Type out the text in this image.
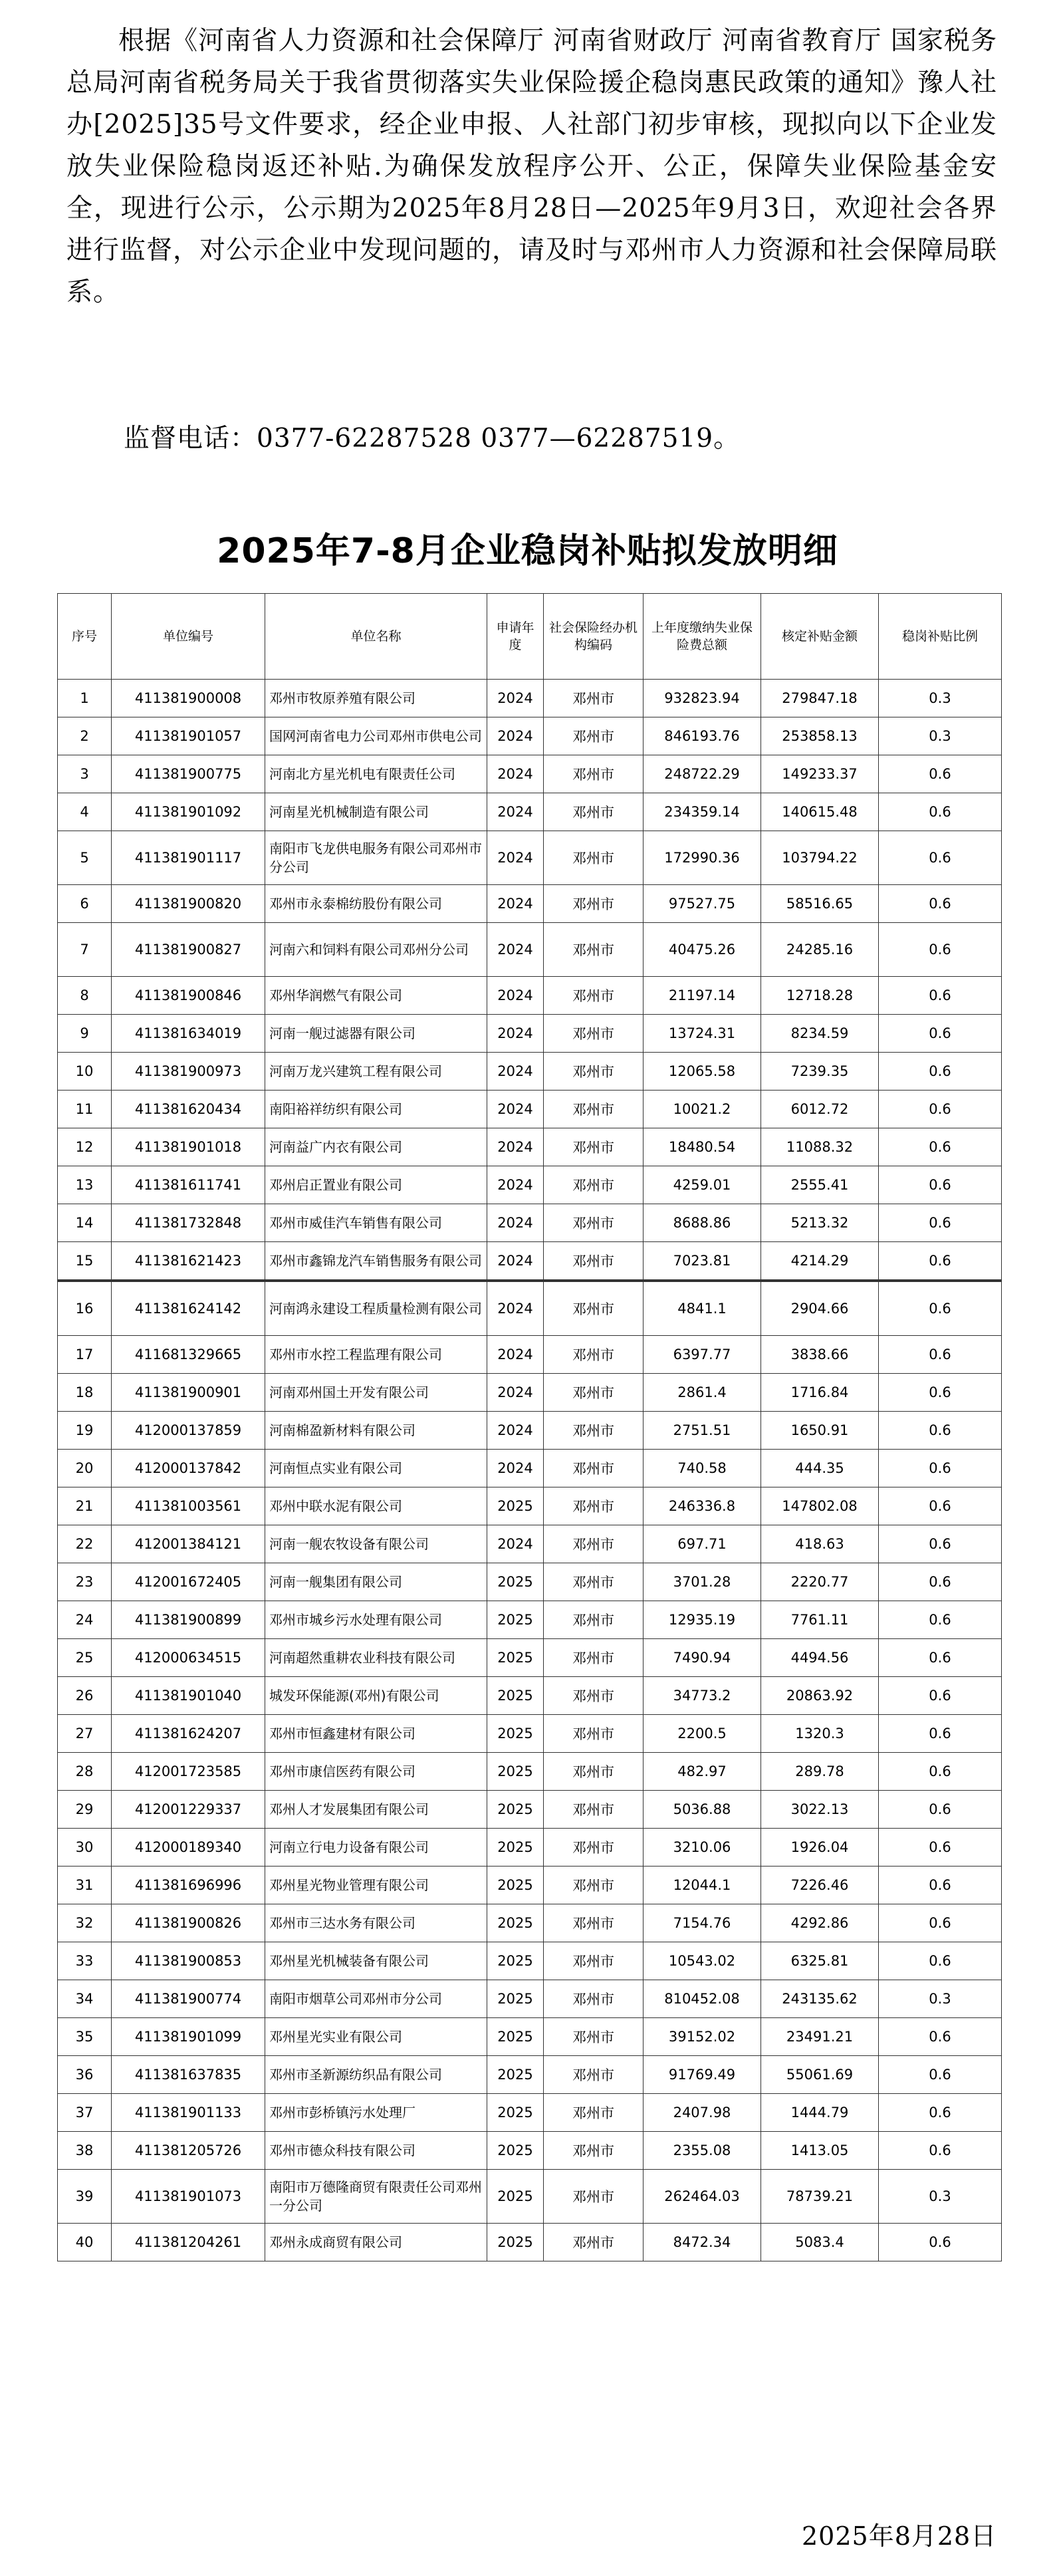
根据《河南省人力资源和社会保障厅 河南省财政厅 河南省教育厅 国家税务总局河南省税务局关于我省贯彻落实失业保险援企稳岗惠民政策的通知》豫人社办[2025]35号文件要求，经企业申报、人社部门初步审核，现拟向以下企业发放失业保险稳岗返还补贴.为确保发放程序公开、公正，保障失业保险基金安全，现进行公示，公示期为2025年8月28日—2025年9月3日，欢迎社会各界进行监督，对公示企业中发现问题的，请及时与邓州市人力资源和社会保障局联系。

监督电话：0377-62287528 0377—62287519。
2025年7-8月企业稳岗补贴拟发放明细
序号	单位编号	单位名称	申请年度	社会保险经办机构编码	上年度缴纳失业保险费总额	核定补贴金额	稳岗补贴比例
1	411381900008	邓州市牧原养殖有限公司	2024	邓州市	932823.94	279847.18	0.3
2	411381901057	国网河南省电力公司邓州市供电公司	2024	邓州市	846193.76	253858.13	0.3
3	411381900775	河南北方星光机电有限责任公司	2024	邓州市	248722.29	149233.37	0.6
4	411381901092	河南星光机械制造有限公司	2024	邓州市	234359.14	140615.48	0.6
5	411381901117	南阳市飞龙供电服务有限公司邓州市分公司	2024	邓州市	172990.36	103794.22	0.6
6	411381900820	邓州市永泰棉纺股份有限公司	2024	邓州市	97527.75	58516.65	0.6
7	411381900827	河南六和饲料有限公司邓州分公司	2024	邓州市	40475.26	24285.16	0.6
8	411381900846	邓州华润燃气有限公司	2024	邓州市	21197.14	12718.28	0.6
9	411381634019	河南一舰过滤器有限公司	2024	邓州市	13724.31	8234.59	0.6
10	411381900973	河南万龙兴建筑工程有限公司	2024	邓州市	12065.58	7239.35	0.6
11	411381620434	南阳裕祥纺织有限公司	2024	邓州市	10021.2	6012.72	0.6
12	411381901018	河南益广内衣有限公司	2024	邓州市	18480.54	11088.32	0.6
13	411381611741	邓州启正置业有限公司	2024	邓州市	4259.01	2555.41	0.6
14	411381732848	邓州市威佳汽车销售有限公司	2024	邓州市	8688.86	5213.32	0.6
15	411381621423	邓州市鑫锦龙汽车销售服务有限公司	2024	邓州市	7023.81	4214.29	0.6
16	411381624142	河南鸿永建设工程质量检测有限公司	2024	邓州市	4841.1	2904.66	0.6
17	411681329665	邓州市水控工程监理有限公司	2024	邓州市	6397.77	3838.66	0.6
18	411381900901	河南邓州国土开发有限公司	2024	邓州市	2861.4	1716.84	0.6
19	412000137859	河南棉盈新材料有限公司	2024	邓州市	2751.51	1650.91	0.6
20	412000137842	河南恒点实业有限公司	2024	邓州市	740.58	444.35	0.6
21	411381003561	邓州中联水泥有限公司	2025	邓州市	246336.8	147802.08	0.6
22	412001384121	河南一舰农牧设备有限公司	2024	邓州市	697.71	418.63	0.6
23	412001672405	河南一舰集团有限公司	2025	邓州市	3701.28	2220.77	0.6
24	411381900899	邓州市城乡污水处理有限公司	2025	邓州市	12935.19	7761.11	0.6
25	412000634515	河南超然重耕农业科技有限公司	2025	邓州市	7490.94	4494.56	0.6
26	411381901040	城发环保能源(邓州)有限公司	2025	邓州市	34773.2	20863.92	0.6
27	411381624207	邓州市恒鑫建材有限公司	2025	邓州市	2200.5	1320.3	0.6
28	412001723585	邓州市康信医药有限公司	2025	邓州市	482.97	289.78	0.6
29	412001229337	邓州人才发展集团有限公司	2025	邓州市	5036.88	3022.13	0.6
30	412000189340	河南立行电力设备有限公司	2025	邓州市	3210.06	1926.04	0.6
31	411381696996	邓州星光物业管理有限公司	2025	邓州市	12044.1	7226.46	0.6
32	411381900826	邓州市三达水务有限公司	2025	邓州市	7154.76	4292.86	0.6
33	411381900853	邓州星光机械装备有限公司	2025	邓州市	10543.02	6325.81	0.6
34	411381900774	南阳市烟草公司邓州市分公司	2025	邓州市	810452.08	243135.62	0.3
35	411381901099	邓州星光实业有限公司	2025	邓州市	39152.02	23491.21	0.6
36	411381637835	邓州市圣新源纺织品有限公司	2025	邓州市	91769.49	55061.69	0.6
37	411381901133	邓州市彭桥镇污水处理厂	2025	邓州市	2407.98	1444.79	0.6
38	411381205726	邓州市德众科技有限公司	2025	邓州市	2355.08	1413.05	0.6
39	411381901073	南阳市万德隆商贸有限责任公司邓州一分公司	2025	邓州市	262464.03	78739.21	0.3
40	411381204261	邓州永成商贸有限公司	2025	邓州市	8472.34	5083.4	0.6
2025年8月28日
